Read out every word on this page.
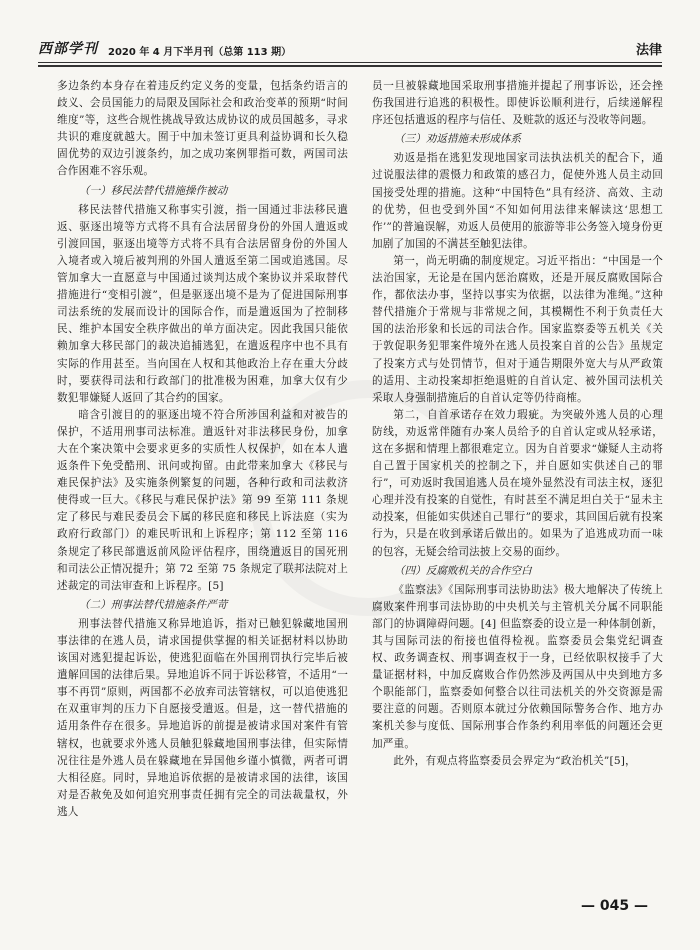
西部学刊 2020 年 4 月下半月刊（总第 113 期）	法律

多边条约本身存在着违反约定义务的变量，包括条约语言的歧义、会员国能力的局限及国际社会和政治变革的预期“时间维度”等，这些合规性挑战导致达成协议的成员国越多，寻求共识的难度就越大。囿于中加未签订更具利益协调和长久稳固优势的双边引渡条约，加之成功案例罪指可数，两国司法合作困难不容乐观。

（一）移民法替代措施操作被动

移民法替代措施又称事实引渡，指一国通过非法移民遣返、驱逐出境等方式将不具有合法居留身份的外国人遣返或引渡回国，驱逐出境等方式将不具有合法居留身份的外国人入境者或入境后被判刑的外国人遣返至第二国或追逃国。尽管加拿大一直愿意与中国通过谈判达成个案协议并采取替代措施进行“变相引渡”，但是驱逐出境不是为了促进国际刑事司法系统的发展而设计的国际合作，而是遣返国为了控制移民、维护本国安全秩序做出的单方面决定。因此我国只能依赖加拿大移民部门的裁决追捕逃犯，在遣返程序中也不具有实际的作用甚至。当向国在人权和其他政治上存在重大分歧时，要获得司法和行政部门的批准极为困难，加拿大仅有少数犯罪嫌疑人返回了其合约的国家。

暗含引渡目的的驱逐出境不符合所涉国利益和对被告的保护，不适用刑事司法标准。遣返针对非法移民身份，加拿大在个案决策中会要求更多的实质性人权保护，如在本人遣返条件下免受酷刑、讯问或拘留。由此带来加拿大《移民与难民保护法》及实施条例繁复的问题，各种行政和司法救济使得或一巨大。《移民与难民保护法》第 99 至第 111 条规定了移民与难民委员会下属的移民庭和移民上诉法庭（实为政府行政部门）的难民听讯和上诉程序；第 112 至第 116 条规定了移民部遣返前风险评估程序，围绕遣返目的国死刑和司法公正情况提升；第 72 至第 75 条规定了联邦法院对上述裁定的司法审查和上诉程序。[5]

（二）刑事法替代措施条件严苛

刑事法替代措施又称异地追诉，指对已触犯躲藏地国刑事法律的在逃人员，请求国提供掌握的相关证据材料以协助该国对逃犯提起诉讼，使逃犯面临在外国刑罚执行完毕后被遣解回国的法律后果。异地追诉不同于诉讼移管，不适用“一事不再罚”原则，两国都不必放弃司法管辖权，可以追使逃犯在双重审判的压力下自愿接受遣返。但是，这一替代措施的适用条件存在很多。异地追诉的前提是被请求国对案件有管辖权，也就要求外逃人员触犯躲藏地国刑事法律，但实际情况往往是外逃人员在躲藏地在异国他乡谨小慎微，两者可谓大相径庭。同时，异地追诉依据的是被请求国的法律，该国对是否赦免及如何追究刑事责任拥有完全的司法裁量权，外逃人

员一旦被躲藏地国采取刑事措施并提起了刑事诉讼，还会挫伤我国进行追逃的积极性。即使诉讼顺利进行，后续递解程序还包括遣返的程序与信任、及赃款的返还与没收等问题。

（三）劝返措施未形成体系

劝返是指在逃犯发现地国家司法执法机关的配合下，通过说服法律的震慑力和政策的感召力，促使外逃人员主动回国接受处理的措施。这种“中国特色”具有经济、高效、主动的优势，但也受到外国“不知如何用法律来解读这‘思想工作’”的普遍误解，劝返人员使用的旅游等非公务签入境身份更加剧了加国的不满甚至触犯法律。

第一，尚无明确的制度规定。习近平指出：“中国是一个法治国家，无论是在国内惩治腐败，还是开展反腐败国际合作，都依法办事，坚持以事实为依据，以法律为准绳。”这种替代措施介于常规与非常规之间，其模糊性不利于负责任大国的法治形象和长远的司法合作。国家监察委等五机关《关于敦促职务犯罪案件境外在逃人员投案自首的公告》虽规定了投案方式与处罚情节，但对于通告期限外宽大与从严政策的适用、主动投案却拒绝退赃的自首认定、被外国司法机关采取人身强制措施后的自首认定等仍待商榷。

第二，自首承诺存在效力瑕疵。为突破外逃人员的心理防线，劝返常伴随有办案人员给予的自首认定或从轻承诺，这在多据和情理上都很难定立。因为自首要求“嫌疑人主动将自己置于国家机关的控制之下，并自愿如实供述自己的罪行”，可劝返时我国追逃人员在境外显然没有司法主权，逐犯心理并没有投案的自觉性，有时甚至不满足坦白关于“显未主动投案，但能如实供述自己罪行”的要求，其回国后就有投案行为，只是在收到承诺后做出的。如果为了追逃成功而一味的包容，无疑会给司法披上交易的面纱。

（四）反腐败机关的合作空白

《监察法》《国际刑事司法协助法》极大地解决了传统上腐败案件刑事司法协助的中央机关与主管机关分属不同职能部门的协调障碍问题。[4] 但监察委的设立是一种体制创新，其与国际司法的衔接也值得检视。监察委员会集党纪调查权、政务调查权、刑事调查权于一身，已经依职权接手了大量证据材料，中加反腐败合作仍然涉及两国从中央到地方多个职能部门，监察委如何整合以往司法机关的外交资源是需要注意的问题。否则原本就过分依赖国际警务合作、地方办案机关参与度低、国际刑事合作条约利用率低的问题还会更加严重。

此外，有观点将监察委员会界定为“政治机关”[5]，

— 045 —
